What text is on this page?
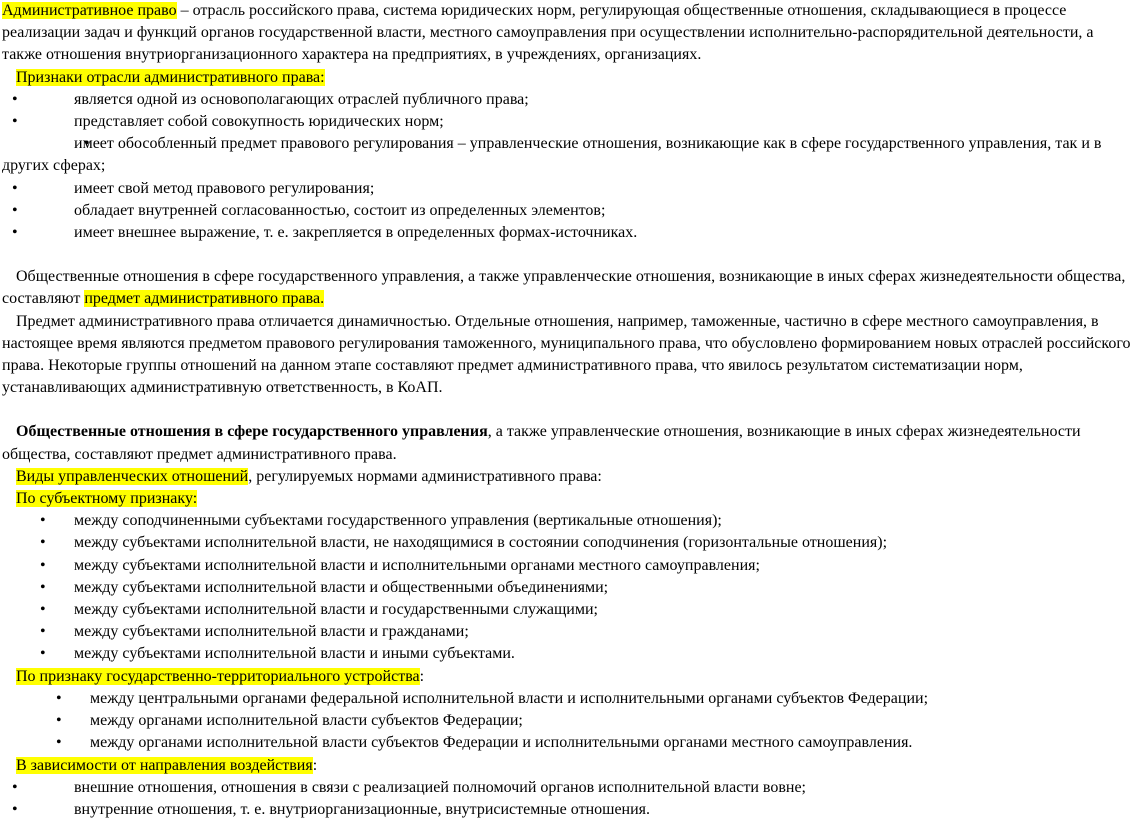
Административное право – отрасль российского права, система юридических норм, регулирующая общественные отношения, складывающиеся в процессе реализации задач и функций органов государственной власти, местного самоуправления при осуществлении исполнительно-распорядительной деятельности, а также отношения внутриорганизационного характера на предприятиях, в учреждениях, организациях.

Признаки отрасли административного права:

• является одной из основополагающих отраслей публичного права;
• представляет собой совокупность юридических норм;
• имеет обособленный предмет правового регулирования – управленческие отношения, возникающие как в сфере государственного управления, так и в других сферах;
• имеет свой метод правового регулирования;
• обладает внутренней согласованностью, состоит из определенных элементов;
• имеет внешнее выражение, т. е. закрепляется в определенных формах-источниках.

Общественные отношения в сфере государственного управления, а также управленческие отношения, возникающие в иных сферах жизнедеятельности общества, составляют предмет административного права.

Предмет административного права отличается динамичностью. Отдельные отношения, например, таможенные, частично в сфере местного самоуправления, в настоящее время являются предметом правового регулирования таможенного, муниципального права, что обусловлено формированием новых отраслей российского права. Некоторые группы отношений на данном этапе составляют предмет административного права, что явилось результатом систематизации норм, устанавливающих административную ответственность, в КоАП.

Общественные отношения в сфере государственного управления, а также управленческие отношения, возникающие в иных сферах жизнедеятельности общества, составляют предмет административного права.

Виды управленческих отношений, регулируемых нормами административного права:

По субъектному признаку:

• между соподчиненными субъектами государственного управления (вертикальные отношения);
• между субъектами исполнительной власти, не находящимися в состоянии соподчинения (горизонтальные отношения);
• между субъектами исполнительной власти и исполнительными органами местного самоуправления;
• между субъектами исполнительной власти и общественными объединениями;
• между субъектами исполнительной власти и государственными служащими;
• между субъектами исполнительной власти и гражданами;
• между субъектами исполнительной власти и иными субъектами.

По признаку государственно-территориального устройства:

• между центральными органами федеральной исполнительной власти и исполнительными органами субъектов Федерации;
• между органами исполнительной власти субъектов Федерации;
• между органами исполнительной власти субъектов Федерации и исполнительными органами местного самоуправления.

В зависимости от направления воздействия:

• внешние отношения, отношения в связи с реализацией полномочий органов исполнительной власти вовне;
• внутренние отношения, т. е. внутриорганизационные, внутрисистемные отношения.
